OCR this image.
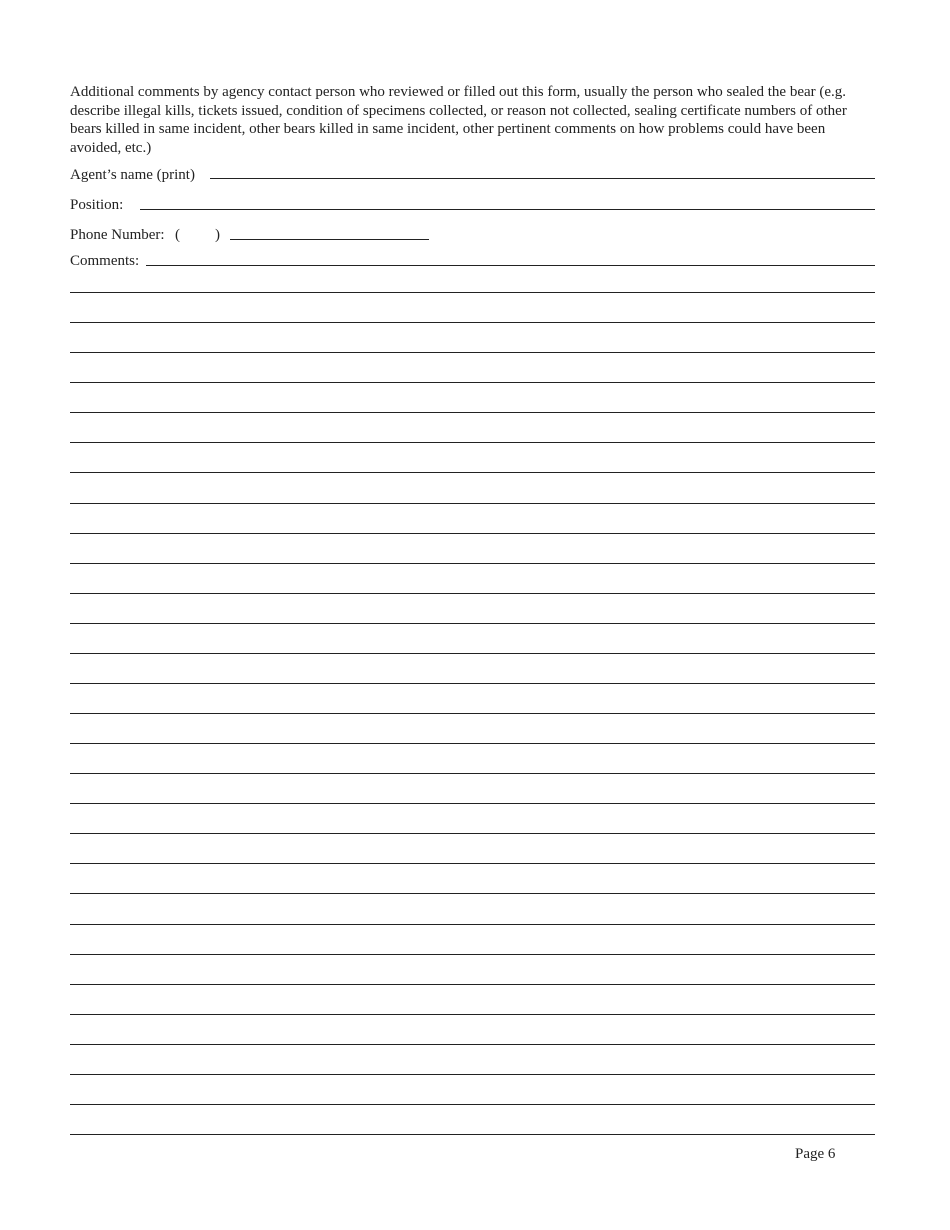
Additional comments by agency contact person who reviewed or filled out this form, usually the person who sealed the bear (e.g. describe illegal kills, tickets issued, condition of specimens collected, or reason not collected, sealing certificate numbers of other bears killed in same incident, other bears killed in same incident, other pertinent comments on how problems could have been avoided, etc.)

Agent’s name (print)
Position:
Phone Number: ( )
Comments:
Page 6
